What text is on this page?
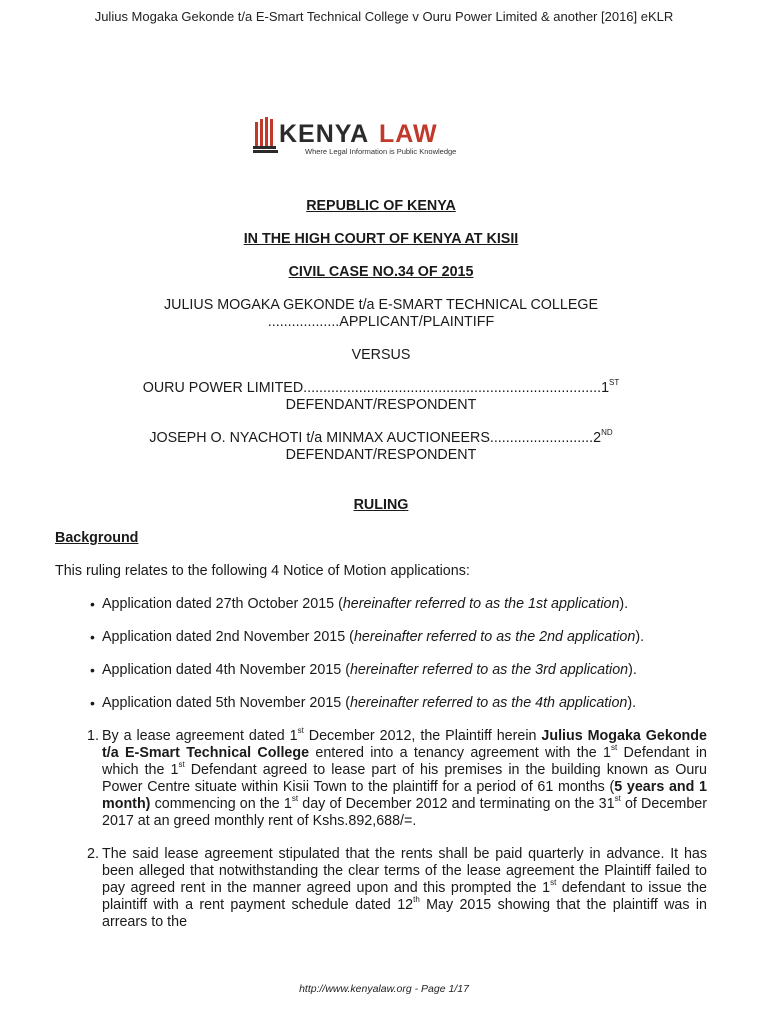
Julius Mogaka Gekonde t/a E-Smart Technical College v Ouru Power Limited & another [2016] eKLR
KENYA LAW
Where Legal Information is Public Knowledge
REPUBLIC OF KENYA
IN THE HIGH COURT OF KENYA AT KISII
CIVIL CASE NO.34 OF 2015
JULIUS MOGAKA GEKONDE t/a E-SMART TECHNICAL COLLEGE
..................APPLICANT/PLAINTIFF
VERSUS
OURU POWER LIMITED...........................................................................1ST
DEFENDANT/RESPONDENT
JOSEPH O. NYACHOTI t/a MINMAX AUCTIONEERS..........................2ND
DEFENDANT/RESPONDENT
RULING
Background
This ruling relates to the following 4 Notice of Motion applications:
• Application dated 27th October 2015 (hereinafter referred to as the 1st application).
• Application dated 2nd November 2015 (hereinafter referred to as the 2nd application).
• Application dated 4th November 2015 (hereinafter referred to as the 3rd application).
• Application dated 5th November 2015 (hereinafter referred to as the 4th application).
1. By a lease agreement dated 1st December 2012, the Plaintiff herein Julius Mogaka Gekonde t/a E-Smart Technical College entered into a tenancy agreement with the 1st Defendant in which the 1st Defendant agreed to lease part of his premises in the building known as Ouru Power Centre situate within Kisii Town to the plaintiff for a period of 61 months (5 years and 1 month) commencing on the 1st day of December 2012 and terminating on the 31st of December 2017 at an greed monthly rent of Kshs.892,688/=.
2. The said lease agreement stipulated that the rents shall be paid quarterly in advance. It has been alleged that notwithstanding the clear terms of the lease agreement the Plaintiff failed to pay agreed rent in the manner agreed upon and this prompted the 1st defendant to issue the plaintiff with a rent payment schedule dated 12th May 2015 showing that the plaintiff was in arrears to the
http://www.kenyalaw.org - Page 1/17
